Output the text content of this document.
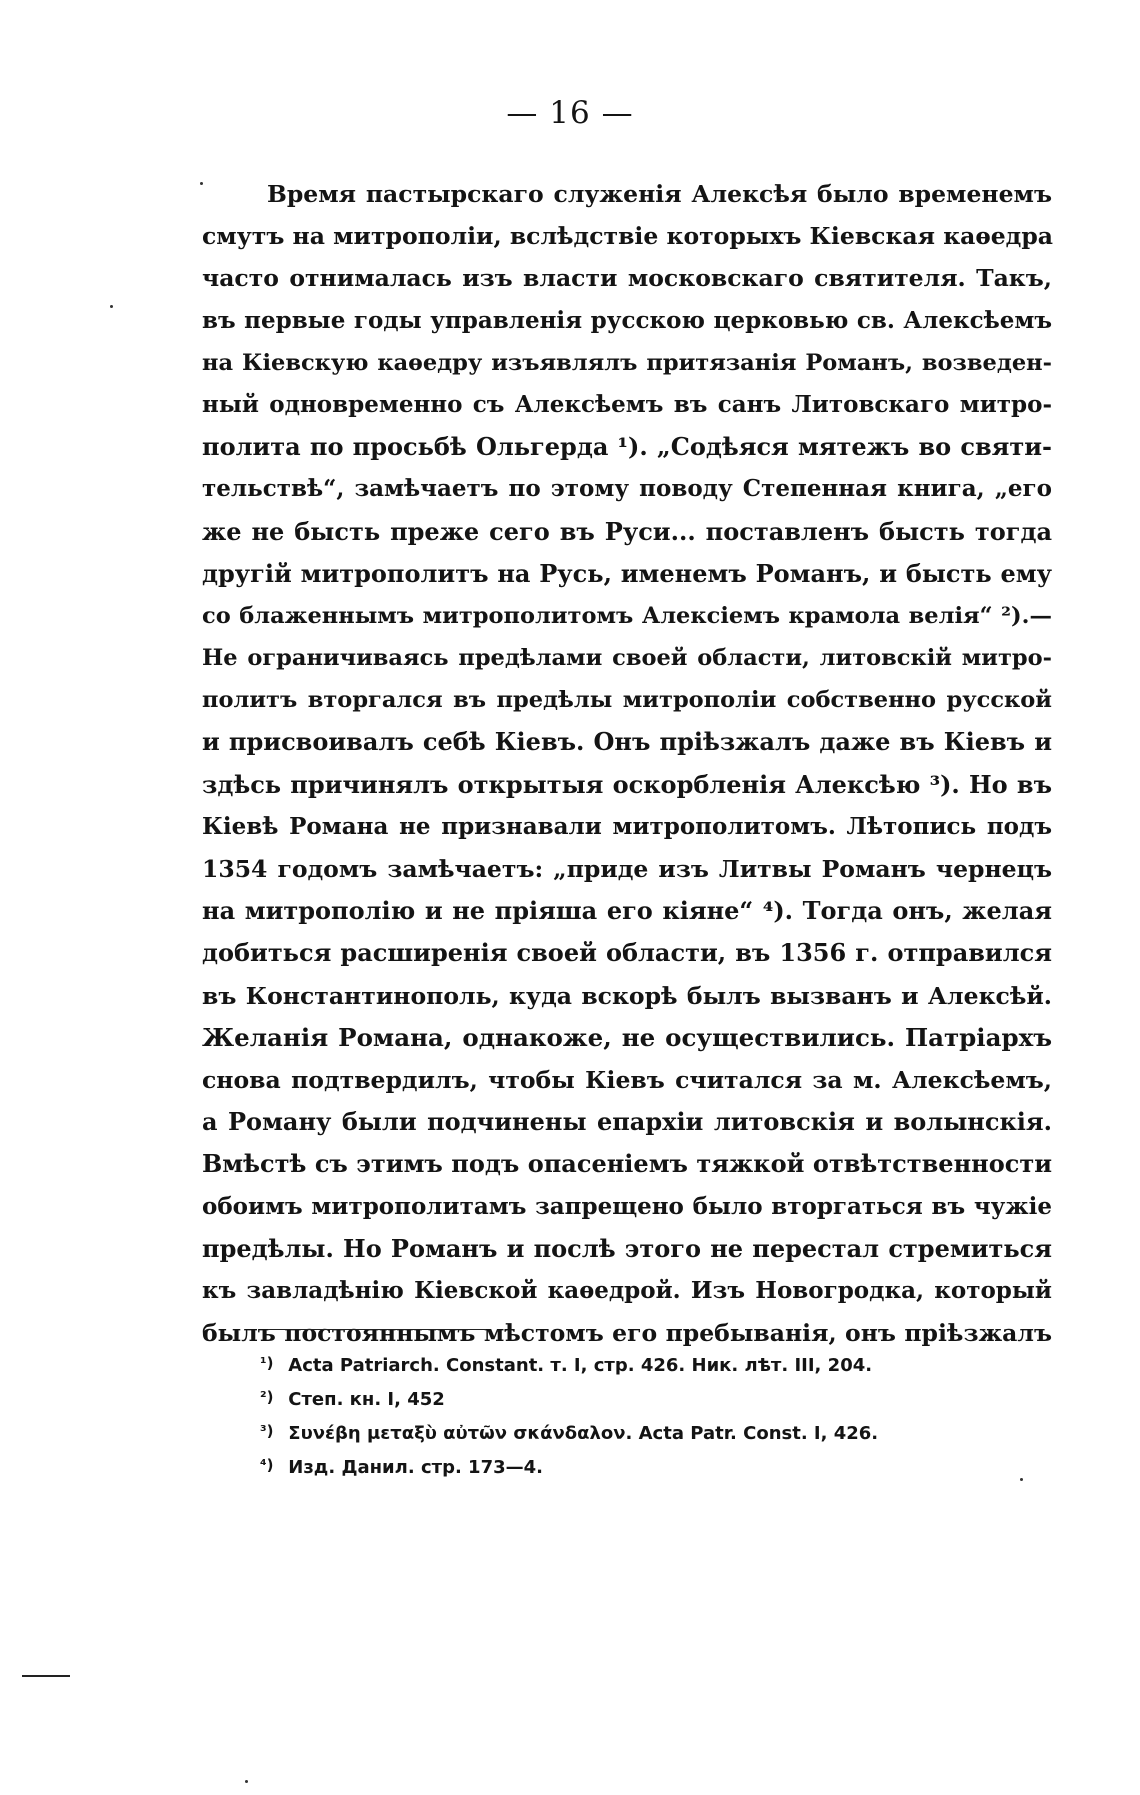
— 16 —
Время пастырскаго служенія Алексѣя было временемъ
смутъ на митрополіи, вслѣдствіе которыхъ Кіевская каѳедра
часто отнималась изъ власти московскаго святителя. Такъ,
въ первые годы управленія русскою церковью св. Алексѣемъ
на Кіевскую каѳедру изъявлялъ притязанія Романъ, возведен-
ный одновременно съ Алексѣемъ въ санъ Литовскаго митро-
полита по просьбѣ Ольгерда ¹). „Содѣяся мятежъ во святи-
тельствѣ“, замѣчаетъ по этому поводу Степенная книга, „его
же не бысть преже сего въ Руси... поставленъ бысть тогда
другій митрополитъ на Русь, именемъ Романъ, и бысть ему
со блаженнымъ митрополитомъ Алексіемъ крамола велія“ ²).—
Не ограничиваясь предѣлами своей области, литовскій митро-
политъ вторгался въ предѣлы митрополіи собственно русской
и присвоивалъ себѣ Кіевъ. Онъ пріѣзжалъ даже въ Кіевъ и
здѣсь причинялъ открытыя оскорбленія Алексѣю ³). Но въ
Кіевѣ Романа не признавали митрополитомъ. Лѣтопись подъ
1354 годомъ замѣчаетъ: „приде изъ Литвы Романъ чернецъ
на митрополію и не пріяша его кіяне“ ⁴). Тогда онъ, желая
добиться расширенія своей области, въ 1356 г. отправился
въ Константинополь, куда вскорѣ былъ вызванъ и Алексѣй.
Желанія Романа, однакоже, не осуществились. Патріархъ
снова подтвердилъ, чтобы Кіевъ считался за м. Алексѣемъ,
а Роману были подчинены епархіи литовскія и волынскія.
Вмѣстѣ съ этимъ подъ опасеніемъ тяжкой отвѣтственности
обоимъ митрополитамъ запрещено было вторгаться въ чужіе
предѣлы. Но Романъ и послѣ этого не перестал стремиться
къ завладѣнію Кіевской каѳедрой. Изъ Новогродка, который
былъ постояннымъ мѣстомъ его пребыванія, онъ пріѣзжалъ
¹) Acta Patriarch. Constant. т. I, стр. 426. Ник. лѣт. III, 204.
²) Степ. кн. I, 452
³) Συνέβη μεταξὺ αὐτῶν σκάνδαλον. Acta Patr. Const. I, 426.
⁴) Изд. Данил. стр. 173—4.
